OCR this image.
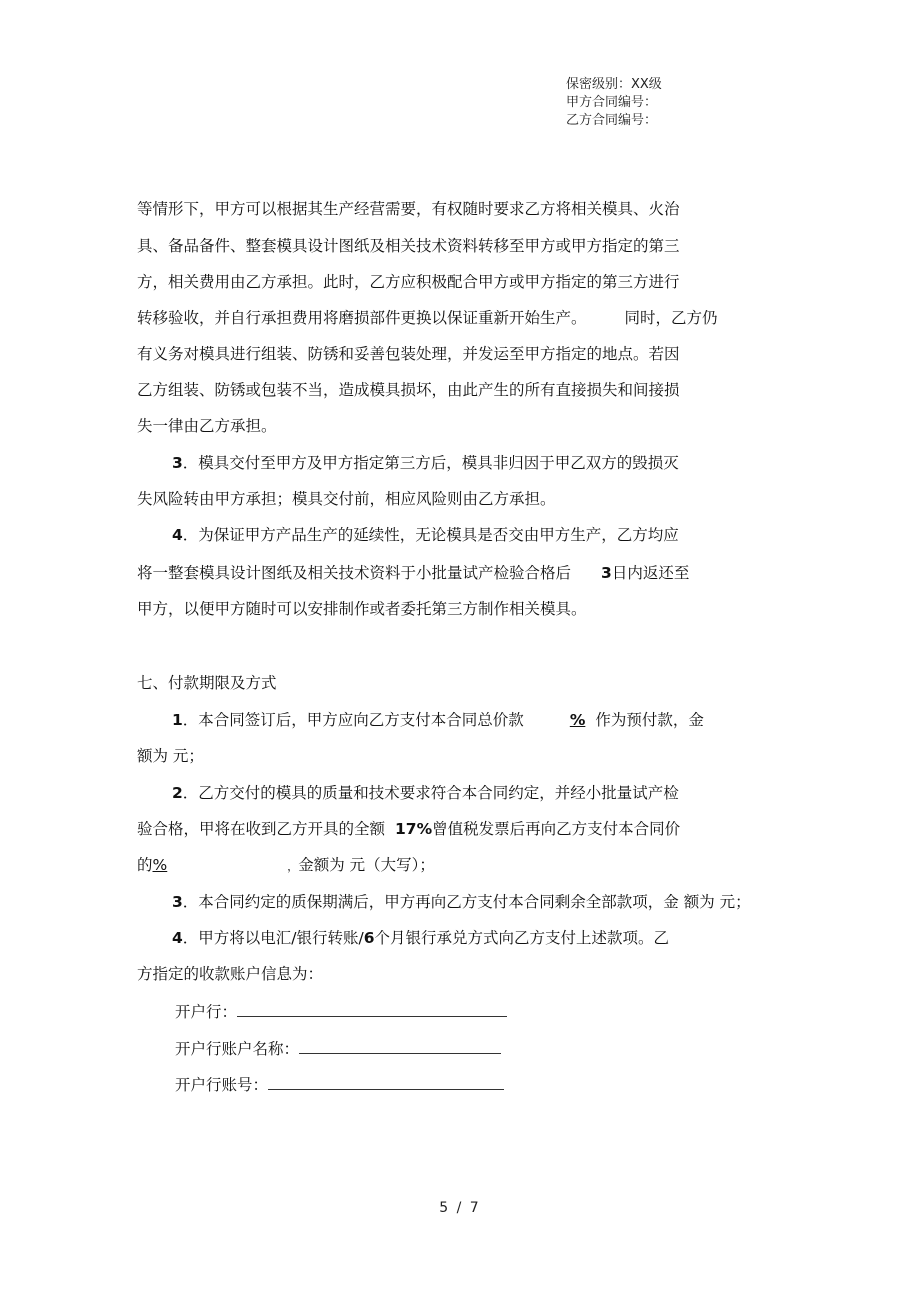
保密级别：XX级
甲方合同编号：
乙方合同编号：
等情形下，甲方可以根据其生产经营需要，有权随时要求乙方将相关模具、火治
具、备品备件、整套模具设计图纸及相关技术资料转移至甲方或甲方指定的第三
方，相关费用由乙方承担。此时，乙方应积极配合甲方或甲方指定的第三方进行
转移验收，并自行承担费用将磨损部件更换以保证重新开始生产。 同时，乙方仍
有义务对模具进行组装、防锈和妥善包装处理，并发运至甲方指定的地点。若因
乙方组装、防锈或包装不当，造成模具损坏，由此产生的所有直接损失和间接损
失一律由乙方承担。
3．模具交付至甲方及甲方指定第三方后，模具非归因于甲乙双方的毁损灭
失风险转由甲方承担；模具交付前，相应风险则由乙方承担。
4．为保证甲方产品生产的延续性，无论模具是否交由甲方生产，乙方均应
将一整套模具设计图纸及相关技术资料于小批量试产检验合格后 3日内返还至
甲方，以便甲方随时可以安排制作或者委托第三方制作相关模具。
七、付款期限及方式
1．本合同签订后，甲方应向乙方支付本合同总价款	% 作为预付款，金
额为 元；
2．乙方交付的模具的质量和技术要求符合本合同约定，并经小批量试产检
验合格，甲将在收到乙方开具的全额 17%曾值税发票后再向乙方支付本合同价
的%	，金额为 元（大写）；
3．本合同约定的质保期满后，甲方再向乙方支付本合同剩余全部款项，金 额为 元；
4．甲方将以电汇/银行转账/6个月银行承兑方式向乙方支付上述款项。乙
方指定的收款账户信息为：
开户行：
开户行账户名称：
开户行账号：
5 / 7
